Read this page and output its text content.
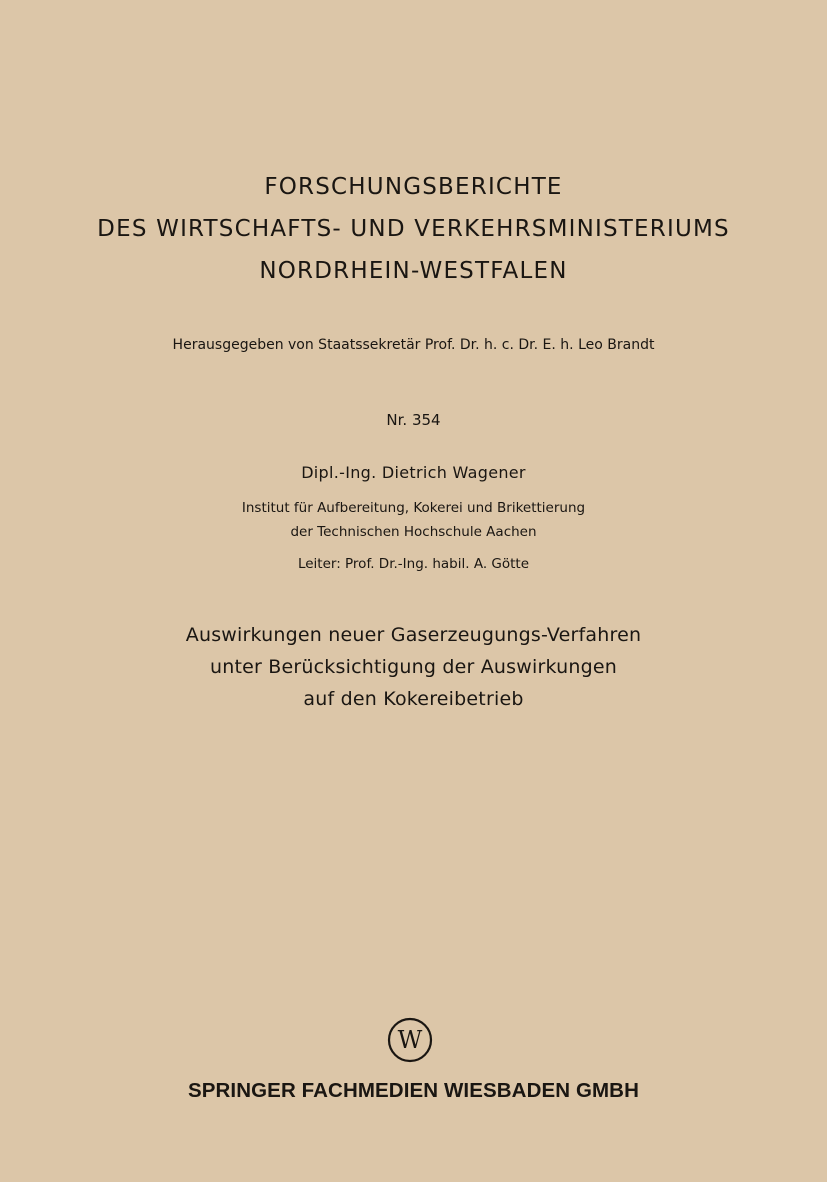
FORSCHUNGSBERICHTE
DES WIRTSCHAFTS- UND VERKEHRSMINISTERIUMS
NORDRHEIN-WESTFALEN
Herausgegeben von Staatssekretär Prof. Dr. h. c. Dr. E. h. Leo Brandt
Nr. 354
Dipl.-Ing. Dietrich Wagener
Institut für Aufbereitung, Kokerei und Brikettierung
der Technischen Hochschule Aachen
Leiter: Prof. Dr.-Ing. habil. A. Götte
Auswirkungen neuer Gaserzeugungs-Verfahren
unter Berücksichtigung der Auswirkungen
auf den Kokereibetrieb
W
SPRINGER FACHMEDIEN WIESBADEN GMBH
